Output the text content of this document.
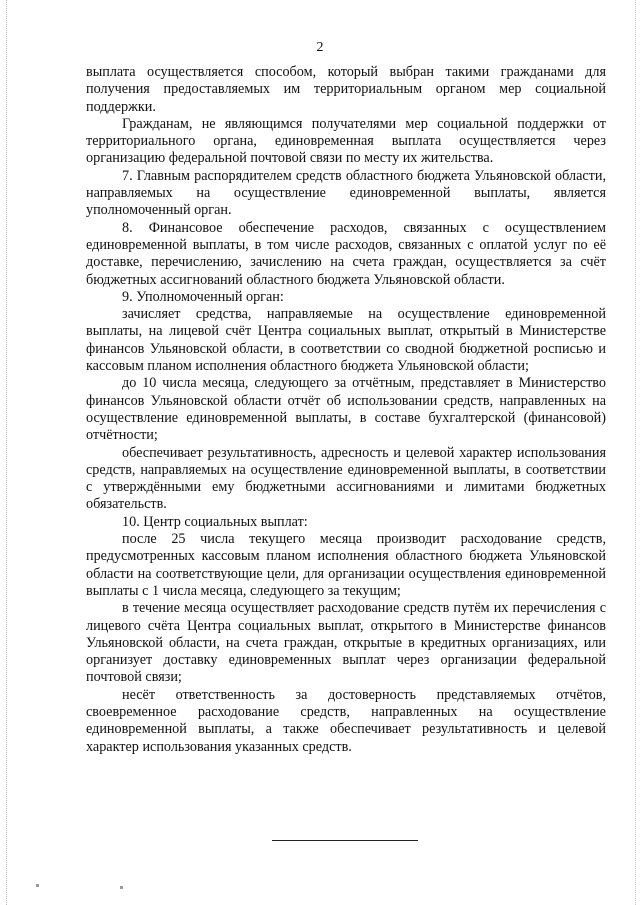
2

выплата осуществляется способом, который выбран такими гражданами для получения предоставляемых им территориальным органом мер социальной поддержки.

Гражданам, не являющимся получателями мер социальной поддержки от территориального органа, единовременная выплата осуществляется через организацию федеральной почтовой связи по месту их жительства.

7. Главным распорядителем средств областного бюджета Ульяновской области, направляемых на осуществление единовременной выплаты, является уполномоченный орган.

8. Финансовое обеспечение расходов, связанных с осуществлением единовременной выплаты, в том числе расходов, связанных с оплатой услуг по её доставке, перечислению, зачислению на счета граждан, осуществляется за счёт бюджетных ассигнований областного бюджета Ульяновской области.

9. Уполномоченный орган:

зачисляет средства, направляемые на осуществление единовременной выплаты, на лицевой счёт Центра социальных выплат, открытый в Министерстве финансов Ульяновской области, в соответствии со сводной бюджетной росписью и кассовым планом исполнения областного бюджета Ульяновской области;

до 10 числа месяца, следующего за отчётным, представляет в Министерство финансов Ульяновской области отчёт об использовании средств, направленных на осуществление единовременной выплаты, в составе бухгалтерской (финансовой) отчётности;

обеспечивает результативность, адресность и целевой характер использования средств, направляемых на осуществление единовременной выплаты, в соответствии с утверждёнными ему бюджетными ассигнованиями и лимитами бюджетных обязательств.

10. Центр социальных выплат:

после 25 числа текущего месяца производит расходование средств, предусмотренных кассовым планом исполнения областного бюджета Ульяновской области на соответствующие цели, для организации осуществления единовременной выплаты с 1 числа месяца, следующего за текущим;

в течение месяца осуществляет расходование средств путём их перечисления с лицевого счёта Центра социальных выплат, открытого в Министерстве финансов Ульяновской области, на счета граждан, открытые в кредитных организациях, или организует доставку единовременных выплат через организации федеральной почтовой связи;

несёт ответственность за достоверность представляемых отчётов, своевременное расходование средств, направленных на осуществление единовременной выплаты, а также обеспечивает результативность и целевой характер использования указанных средств.
